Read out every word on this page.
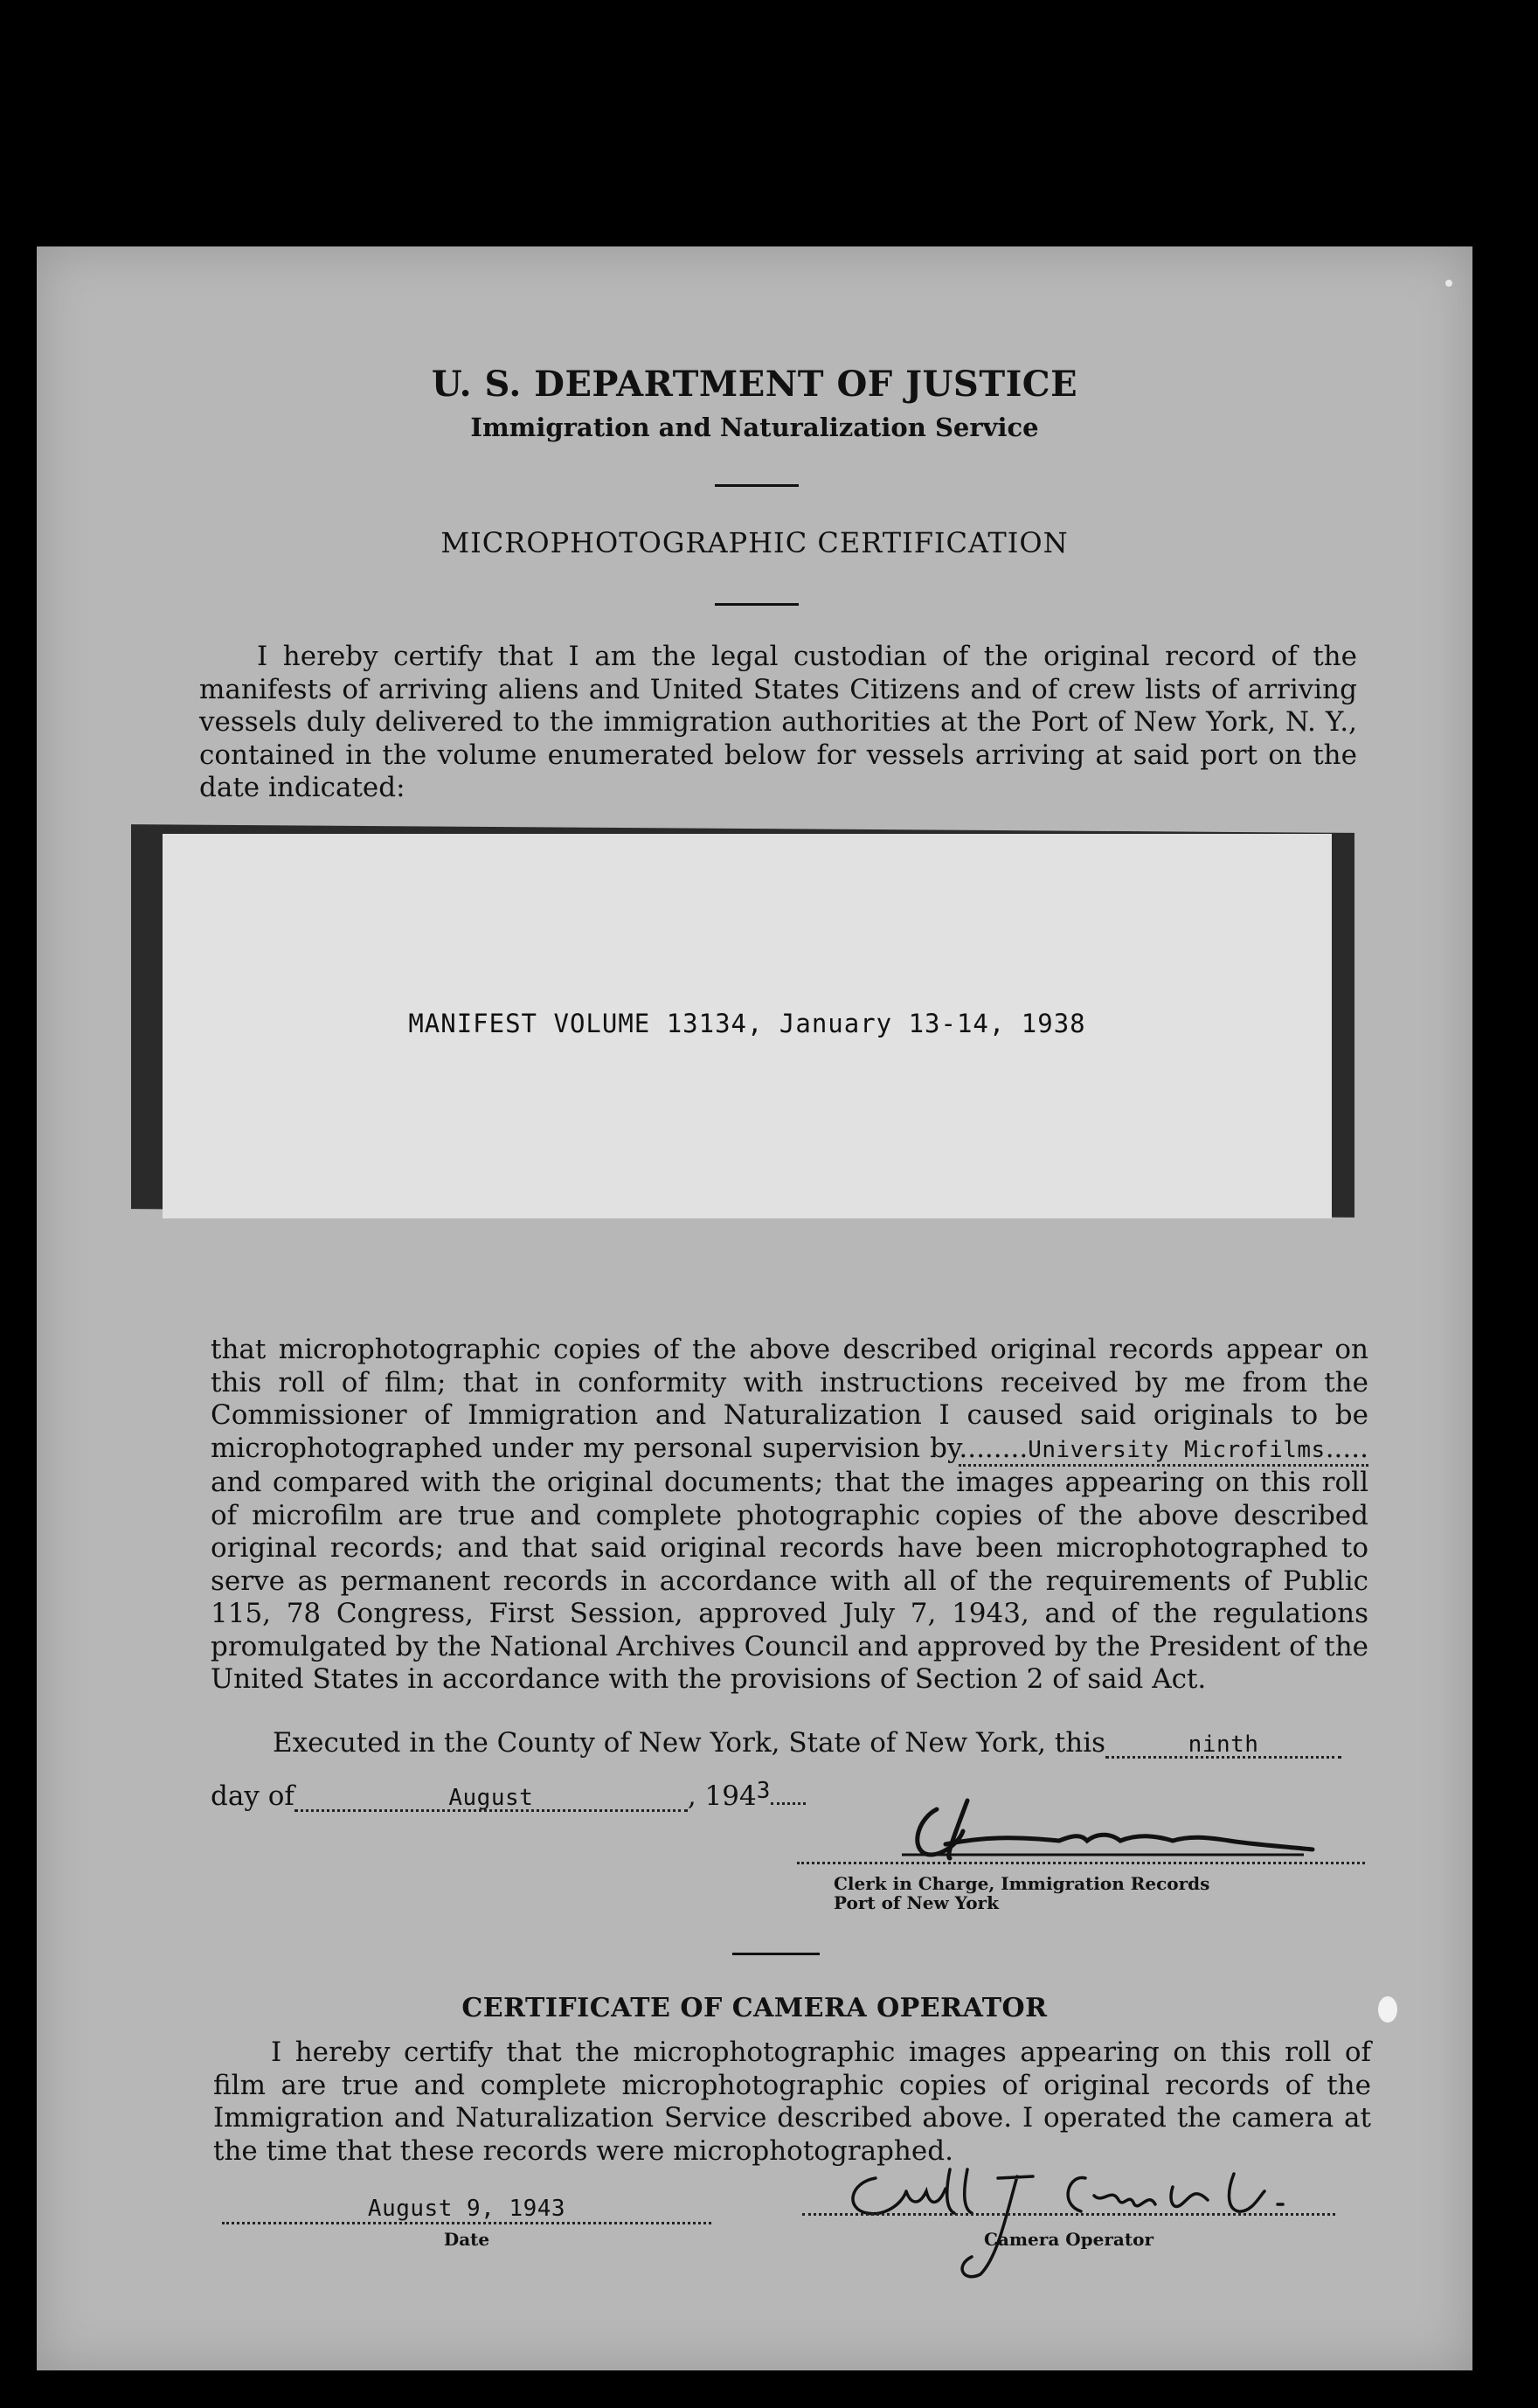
U. S. DEPARTMENT OF JUSTICE
Immigration and Naturalization Service
MICROPHOTOGRAPHIC CERTIFICATION
I hereby certify that I am the legal custodian of the original record of the manifests of arriving aliens and United States Citizens and of crew lists of arriving vessels duly delivered to the immigration authorities at the Port of New York, N. Y., contained in the volume enumerated below for vessels arriving at said port on the date indicated:
MANIFEST VOLUME 13134, January 13-14, 1938
that microphotographic copies of the above described original records appear on this roll of film; that in conformity with instructions received by me from the Commissioner of Immigration and Naturalization I caused said originals to be microphotographed under my personal supervision by........University Microfilms..... and compared with the original documents; that the images appearing on this roll of microfilm are true and complete photographic copies of the above described original records; and that said original records have been microphotographed to serve as permanent records in accordance with all of the requirements of Public 115, 78 Congress, First Session, approved July 7, 1943, and of the regulations promulgated by the National Archives Council and approved by the President of the United States in accordance with the provisions of Section 2 of said Act.
Executed in the County of New York, State of New York, this	ninth
day of	August	, $194^3$
Clerk in Charge, Immigration Records
Port of New York
CERTIFICATE OF CAMERA OPERATOR
I hereby certify that the microphotographic images appearing on this roll of film are true and complete microphotographic copies of original records of the Immigration and Naturalization Service described above. I operated the camera at the time that these records were microphotographed.
August 9, 1943
Date	Camera Operator
